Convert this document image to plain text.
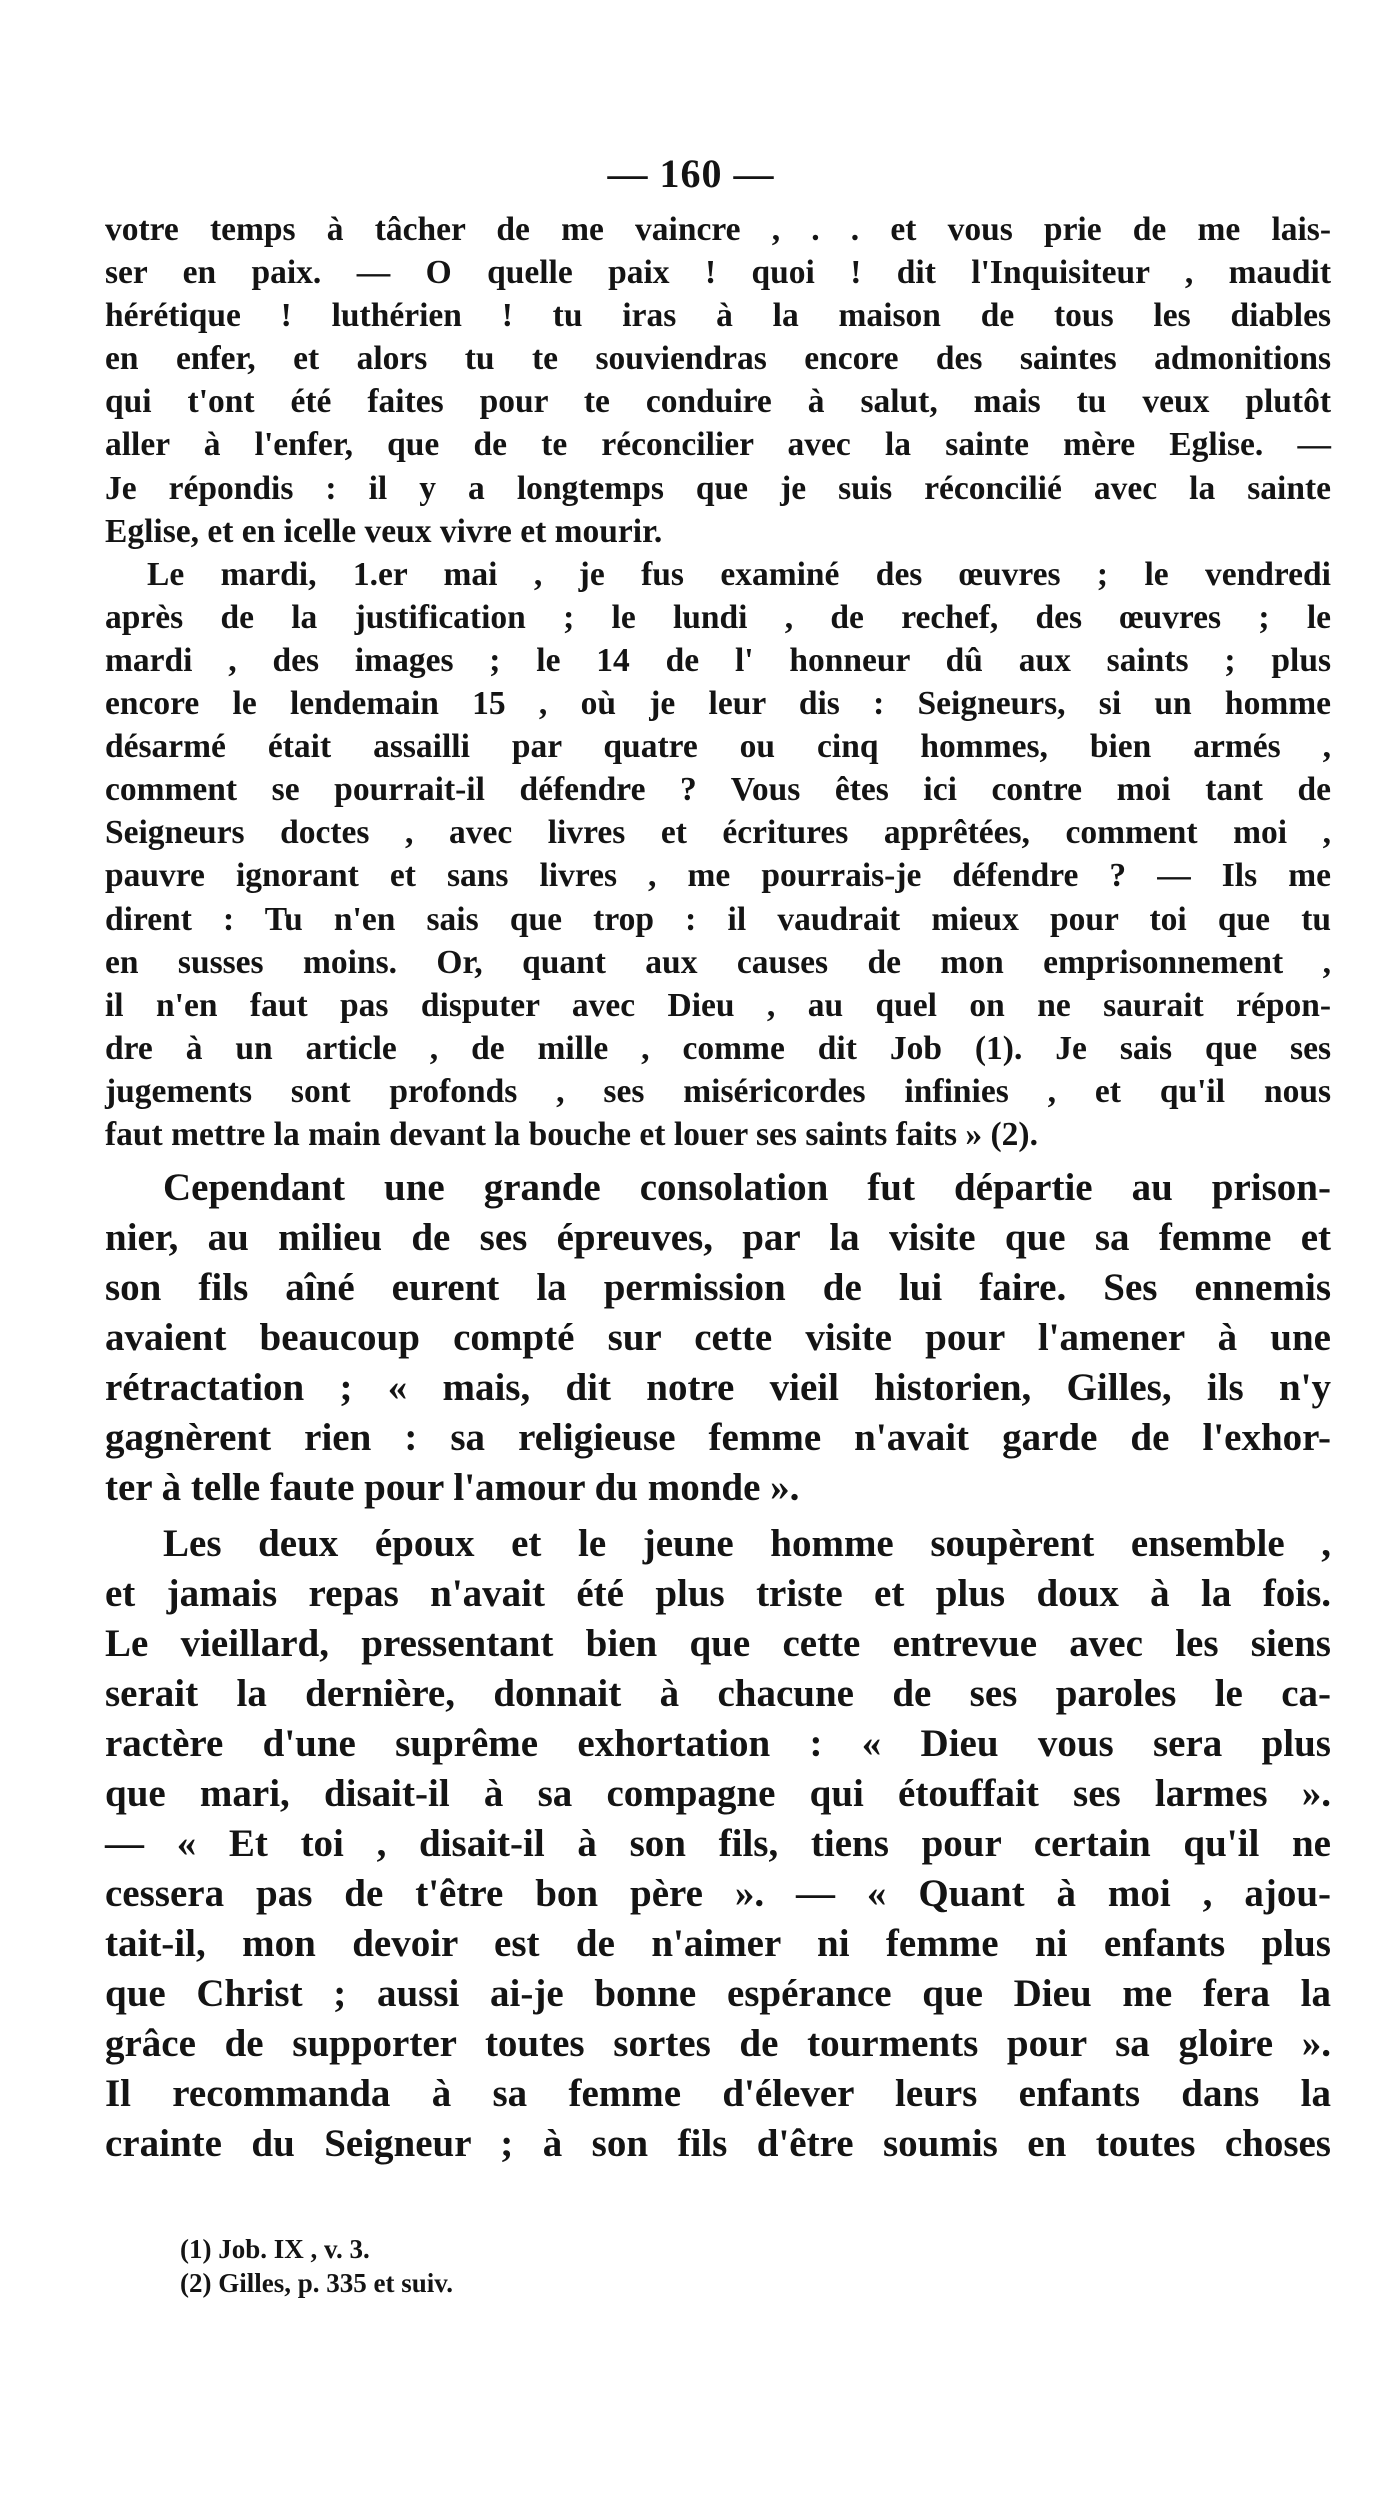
— 160 —
votre temps à tâcher de me vaincre , . . et vous prie de me lais-
ser en paix. — O quelle paix ! quoi ! dit l'Inquisiteur , maudit
hérétique ! luthérien ! tu iras à la maison de tous les diables
en enfer, et alors tu te souviendras encore des saintes admonitions
qui t'ont été faites pour te conduire à salut, mais tu veux plutôt
aller à l'enfer, que de te réconcilier avec la sainte mère Eglise. —
Je répondis : il y a longtemps que je suis réconcilié avec la sainte
Eglise, et en icelle veux vivre et mourir.
Le mardi, 1.er mai , je fus examiné des œuvres ; le vendredi
après de la justification ; le lundi , de rechef, des œuvres ; le
mardi , des images ; le 14 de l' honneur dû aux saints ; plus
encore le lendemain 15 , où je leur dis : Seigneurs, si un homme
désarmé était assailli par quatre ou cinq hommes, bien armés ,
comment se pourrait-il défendre ? Vous êtes ici contre moi tant de
Seigneurs doctes , avec livres et écritures apprêtées, comment moi ,
pauvre ignorant et sans livres , me pourrais-je défendre ? — Ils me
dirent : Tu n'en sais que trop : il vaudrait mieux pour toi que tu
en susses moins. Or, quant aux causes de mon emprisonnement ,
il n'en faut pas disputer avec Dieu , au quel on ne saurait répon-
dre à un article , de mille , comme dit Job (1). Je sais que ses
jugements sont profonds , ses miséricordes infinies , et qu'il nous
faut mettre la main devant la bouche et louer ses saints faits » (2).
Cependant une grande consolation fut départie au prison-
nier, au milieu de ses épreuves, par la visite que sa femme et
son fils aîné eurent la permission de lui faire. Ses ennemis
avaient beaucoup compté sur cette visite pour l'amener à une
rétractation ; « mais, dit notre vieil historien, Gilles, ils n'y
gagnèrent rien : sa religieuse femme n'avait garde de l'exhor-
ter à telle faute pour l'amour du monde ».
Les deux époux et le jeune homme soupèrent ensemble ,
et jamais repas n'avait été plus triste et plus doux à la fois.
Le vieillard, pressentant bien que cette entrevue avec les siens
serait la dernière, donnait à chacune de ses paroles le ca-
ractère d'une suprême exhortation : « Dieu vous sera plus
que mari, disait-il à sa compagne qui étouffait ses larmes ».
— « Et toi , disait-il à son fils, tiens pour certain qu'il ne
cessera pas de t'être bon père ». — « Quant à moi , ajou-
tait-il, mon devoir est de n'aimer ni femme ni enfants plus
que Christ ; aussi ai-je bonne espérance que Dieu me fera la
grâce de supporter toutes sortes de tourments pour sa gloire ».
Il recommanda à sa femme d'élever leurs enfants dans la
crainte du Seigneur ; à son fils d'être soumis en toutes choses
(1) Job. IX , v. 3.
(2) Gilles, p. 335 et suiv.
